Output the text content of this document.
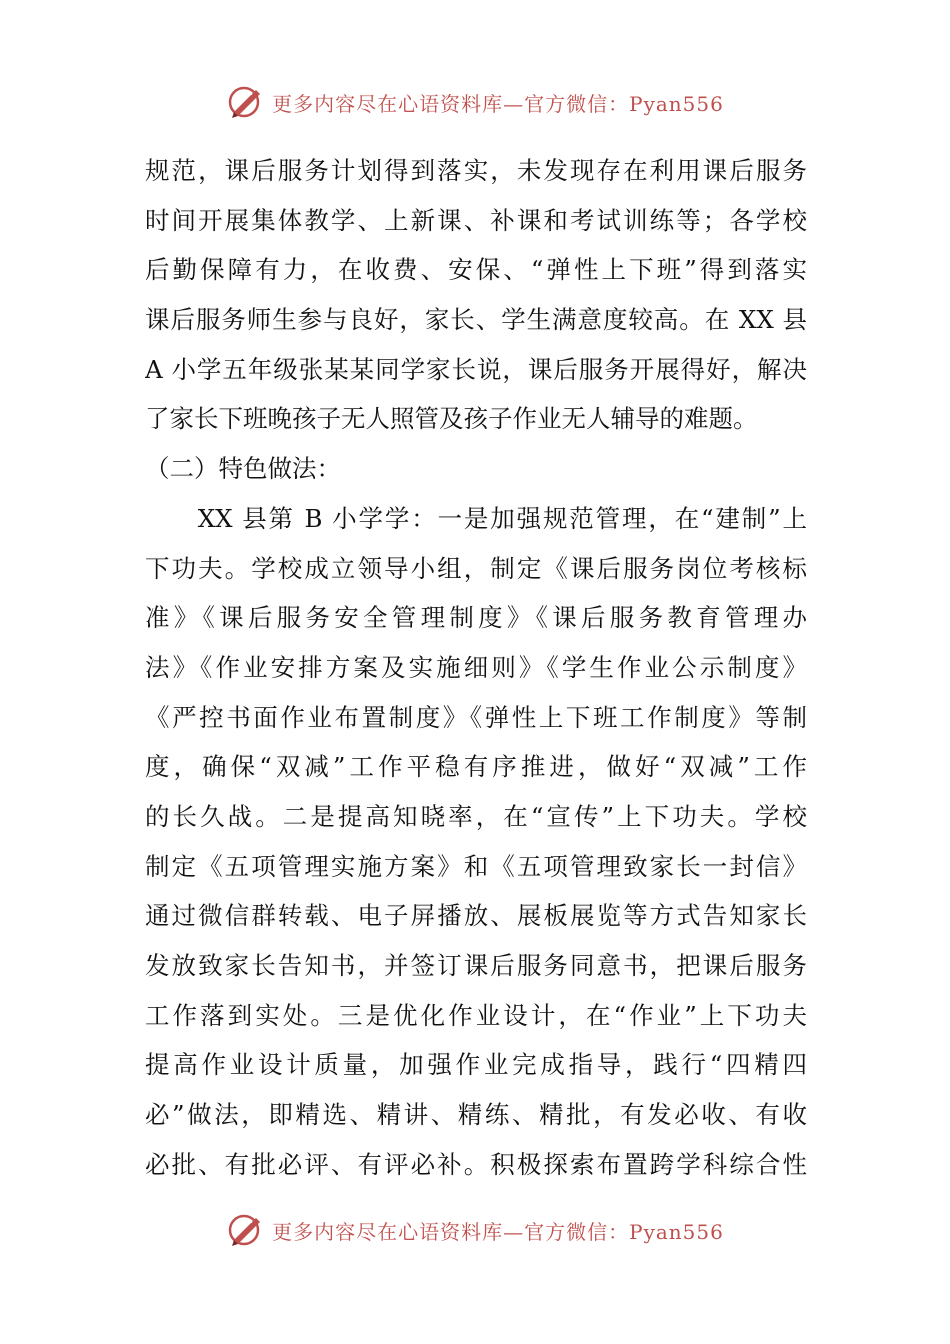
更多内容尽在心语资料库—官方微信：Pyan556
规范，课后服务计划得到落实，未发现存在利用课后服务
时间开展集体教学、上新课、补课和考试训练等；各学校
后勤保障有力，在收费、安保、“弹性上下班”得到落实
课后服务师生参与良好，家长、学生满意度较高。在 XX 县
A 小学五年级张某某同学家长说，课后服务开展得好，解决
了家长下班晚孩子无人照管及孩子作业无人辅导的难题。
（二）特色做法：
　　XX 县第 B 小学学：一是加强规范管理，在“建制”上
下功夫。学校成立领导小组，制定《课后服务岗位考核标
准》《课后服务安全管理制度》《课后服务教育管理办
法》《作业安排方案及实施细则》《学生作业公示制度》
《严控书面作业布置制度》《弹性上下班工作制度》等制
度，确保“双减”工作平稳有序推进，做好“双减”工作
的长久战。二是提高知晓率，在“宣传”上下功夫。学校
制定《五项管理实施方案》和《五项管理致家长一封信》
通过微信群转载、电子屏播放、展板展览等方式告知家长
发放致家长告知书，并签订课后服务同意书，把课后服务
工作落到实处。三是优化作业设计，在“作业”上下功夫
提高作业设计质量，加强作业完成指导，践行“四精四
必”做法，即精选、精讲、精练、精批，有发必收、有收
必批、有批必评、有评必补。积极探索布置跨学科综合性
更多内容尽在心语资料库—官方微信：Pyan556
